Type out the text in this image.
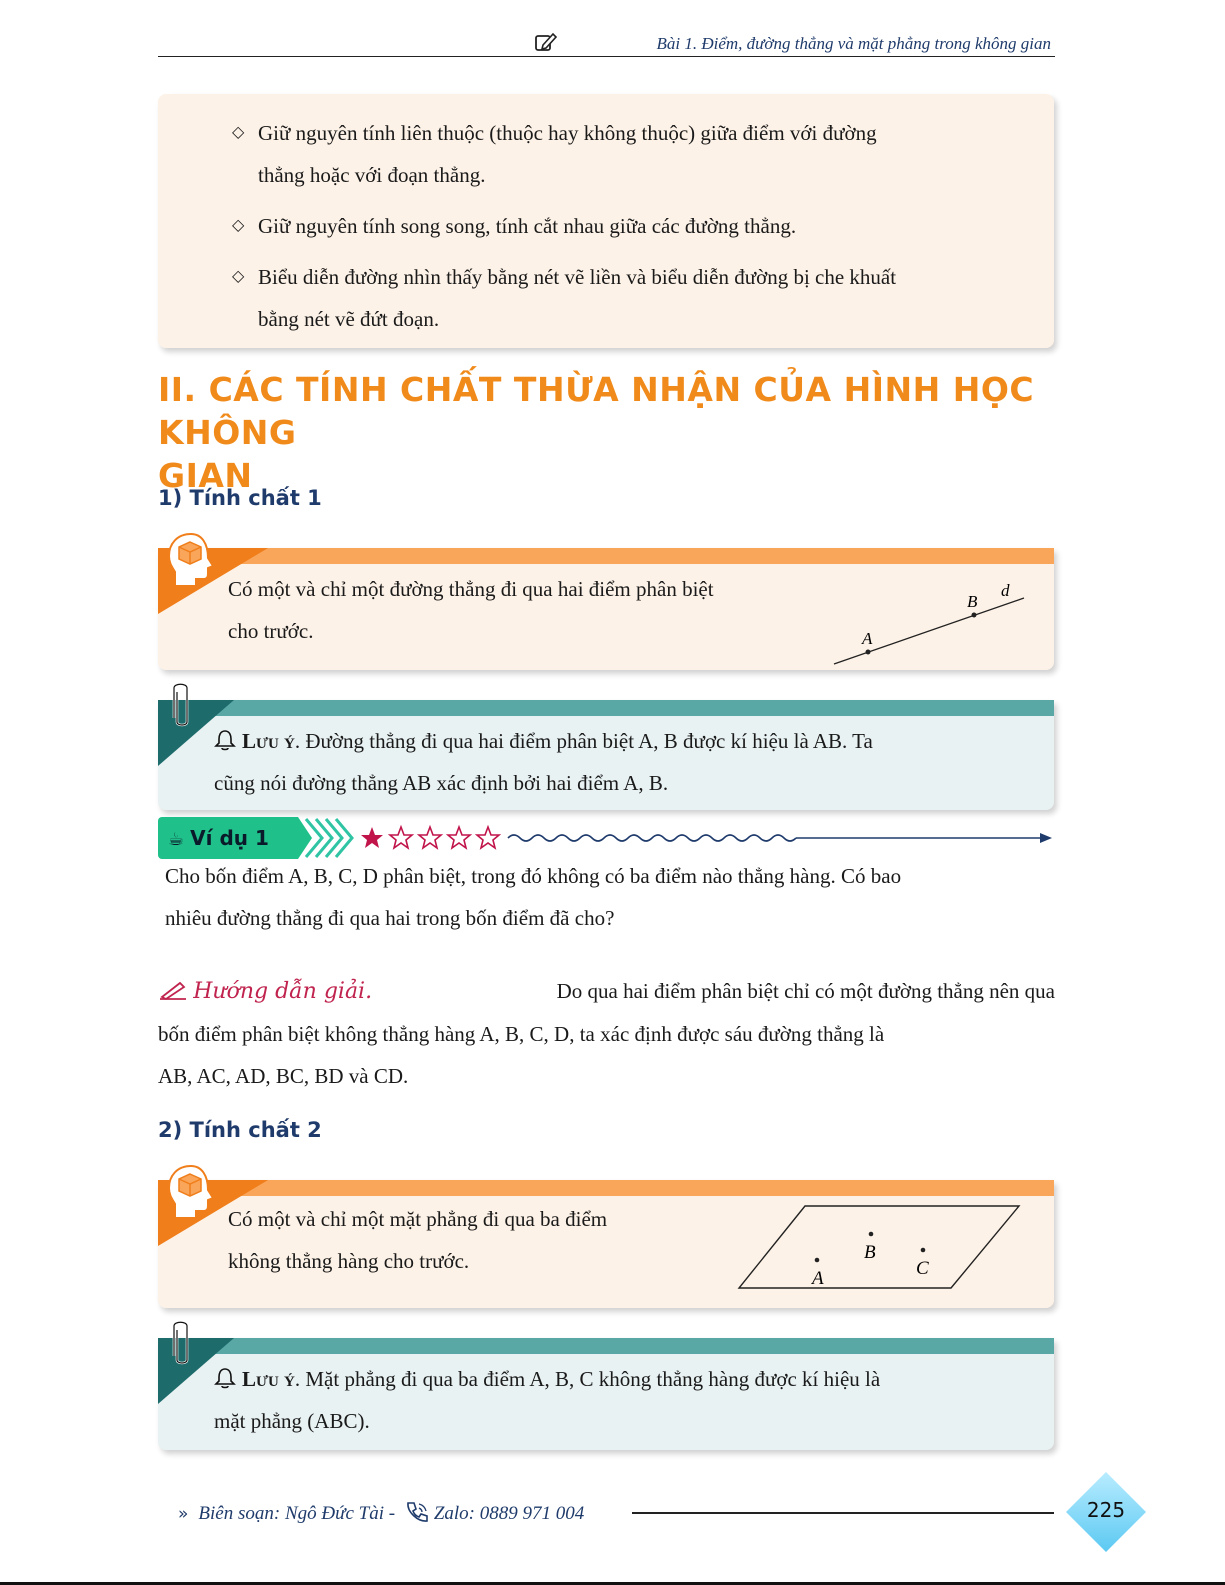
Bài 1. Điểm, đường thẳng và mặt phẳng trong không gian
◇ Giữ nguyên tính liên thuộc (thuộc hay không thuộc) giữa điểm với đường
thẳng hoặc với đoạn thẳng.
◇ Giữ nguyên tính song song, tính cắt nhau giữa các đường thẳng.
◇ Biểu diễn đường nhìn thấy bằng nét vẽ liền và biểu diễn đường bị che khuất
bằng nét vẽ đứt đoạn.
II. CÁC TÍNH CHẤT THỪA NHẬN CỦA HÌNH HỌC KHÔNG
GIAN
1) Tính chất 1
Có một và chỉ một đường thẳng đi qua hai điểm phân biệt
cho trước.	A
B
d
Lưu ý. Đường thẳng đi qua hai điểm phân biệt A, B được kí hiệu là AB. Ta
cũng nói đường thẳng AB xác định bởi hai điểm A, B.
☕ Ví dụ 1
Cho bốn điểm A, B, C, D phân biệt, trong đó không có ba điểm nào thẳng hàng. Có bao
nhiêu đường thẳng đi qua hai trong bốn điểm đã cho?
Hướng dẫn giải.	Do qua hai điểm phân biệt chỉ có một đường thẳng nên qua
bốn điểm phân biệt không thẳng hàng A, B, C, D, ta xác định được sáu đường thẳng là
AB, AC, AD, BC, BD và CD.
2) Tính chất 2
Có một và chỉ một mặt phẳng đi qua ba điểm
không thẳng hàng cho trước.
A
B
C
Lưu ý. Mặt phẳng đi qua ba điểm A, B, C không thẳng hàng được kí hiệu là
mặt phẳng (ABC).
» Biên soạn: Ngô Đức Tài - Zalo: 0889 971 004	225
